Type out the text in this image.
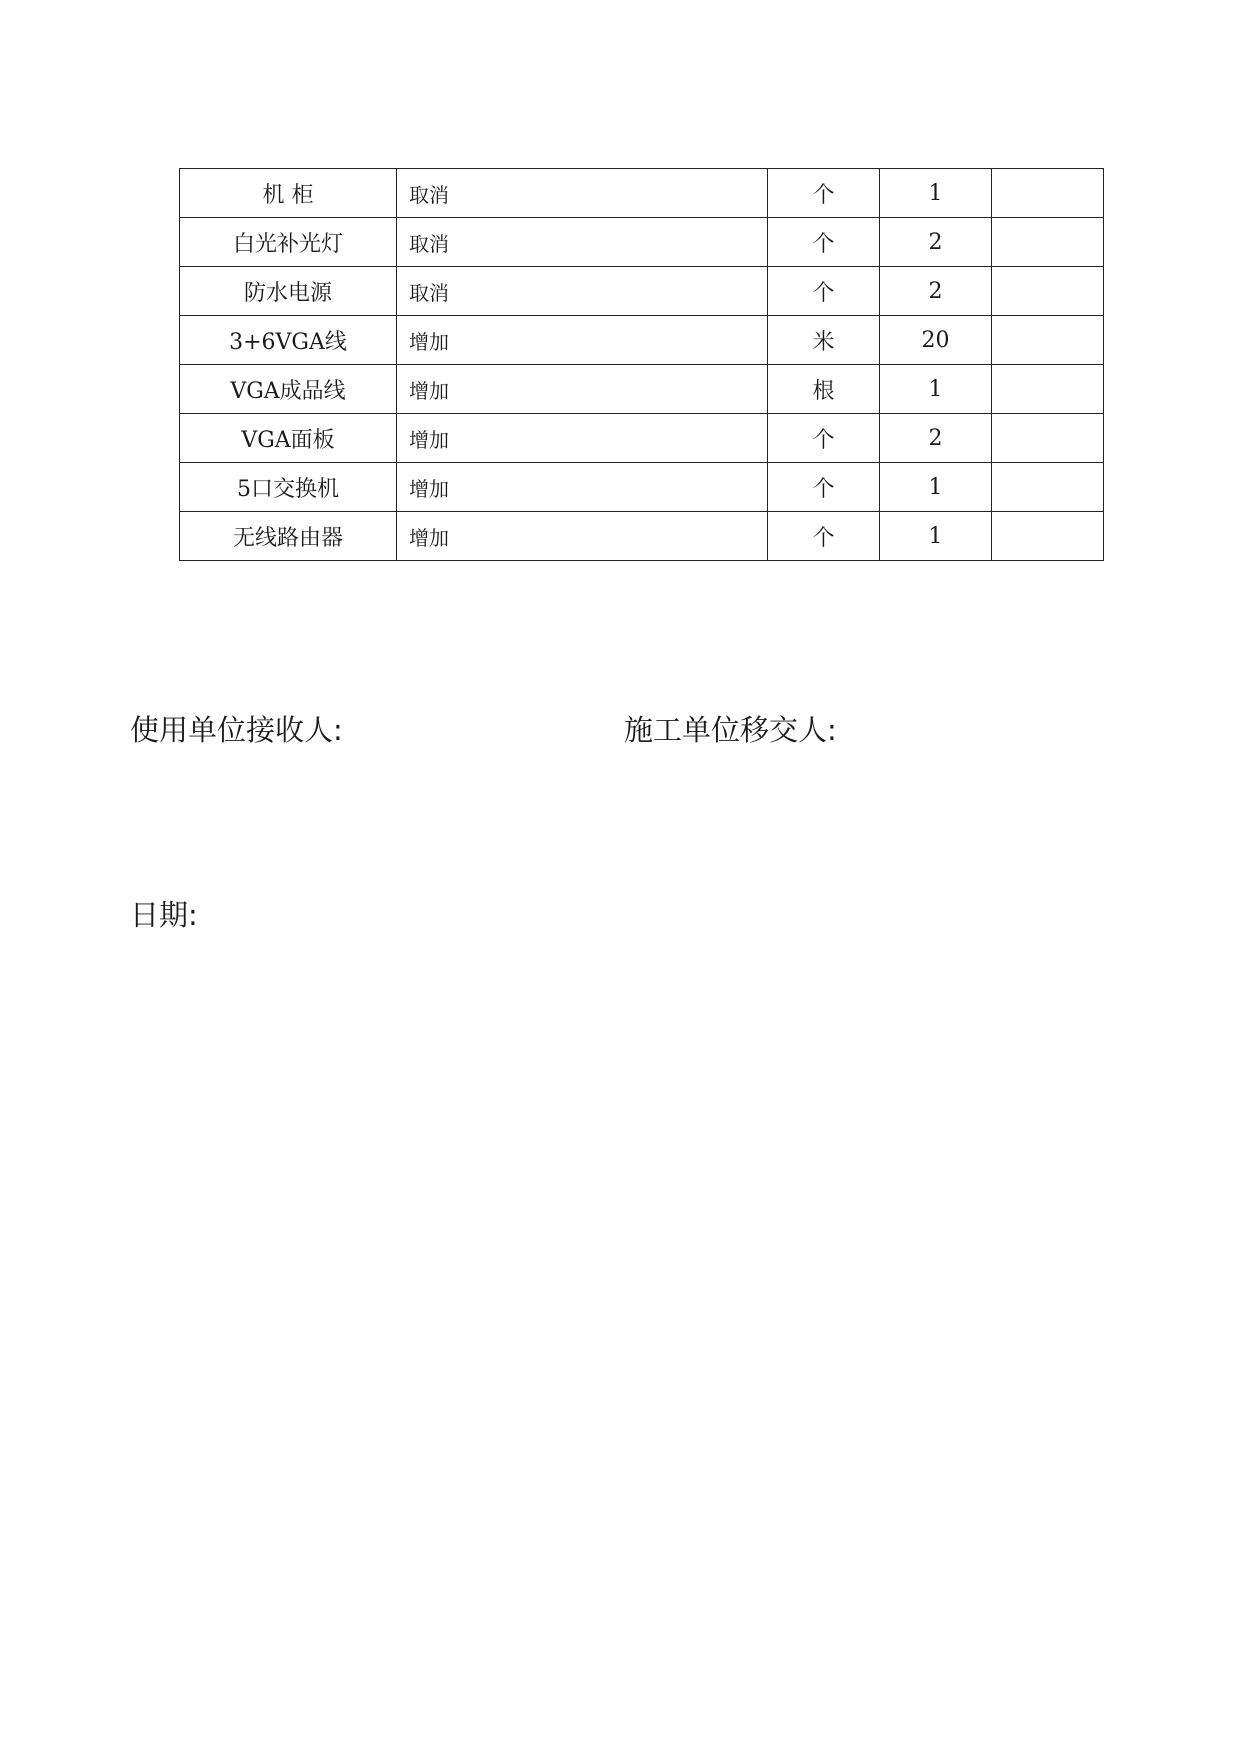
机 柜	取消	个	1	
白光补光灯	取消	个	2	
防水电源	取消	个	2	
3+6VGA线	增加	米	20	
VGA成品线	增加	根	1	
VGA面板	增加	个	2	
5口交换机	增加	个	1	
无线路由器	增加	个	1	
使用单位接收人:	施工单位移交人:
日期:
